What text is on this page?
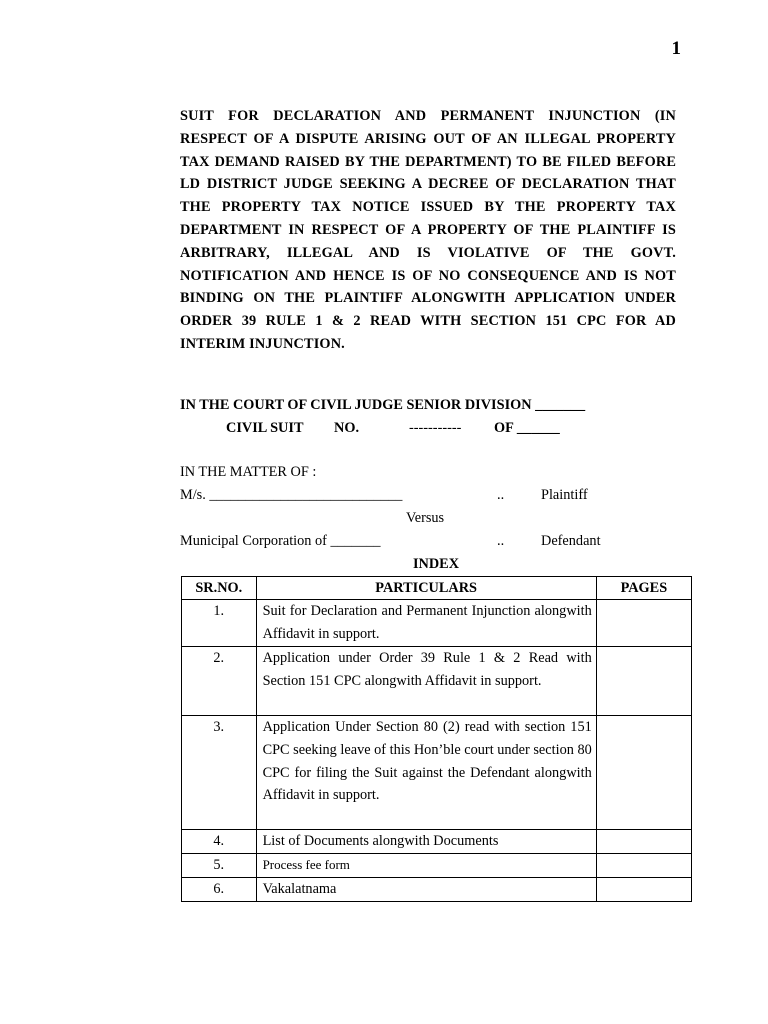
1
SUIT FOR DECLARATION AND PERMANENT INJUNCTION (IN RESPECT OF A DISPUTE ARISING OUT OF AN ILLEGAL PROPERTY TAX DEMAND RAISED BY THE DEPARTMENT) TO BE FILED BEFORE LD DISTRICT JUDGE SEEKING A DECREE OF DECLARATION THAT THE PROPERTY TAX NOTICE ISSUED BY THE PROPERTY TAX DEPARTMENT IN RESPECT OF A PROPERTY OF THE PLAINTIFF IS ARBITRARY, ILLEGAL AND IS VIOLATIVE OF THE GOVT. NOTIFICATION AND HENCE IS OF NO CONSEQUENCE AND IS NOT BINDING ON THE PLAINTIFF ALONGWITH APPLICATION UNDER ORDER 39 RULE 1 & 2 READ WITH SECTION 151 CPC FOR AD INTERIM INJUNCTION.
IN THE COURT OF CIVIL JUDGE SENIOR DIVISION _______
CIVIL SUIT NO.	----------- OF ______
IN THE MATTER OF :
M/s. ___________________________	..	Plaintiff
Versus
Municipal Corporation of _______	..	Defendant
INDEX
SR.NO.	PARTICULARS	PAGES
1.	Suit for Declaration and Permanent Injunction alongwith Affidavit in support.	
2.	Application under Order 39 Rule 1 & 2 Read with Section 151 CPC alongwith Affidavit in support.	
3.	Application Under Section 80 (2) read with section 151 CPC seeking leave of this Hon’ble court under section 80 CPC for filing the Suit against the Defendant alongwith Affidavit in support.	
4.	List of Documents alongwith Documents	
5.	Process fee form	
6.	Vakalatnama	
